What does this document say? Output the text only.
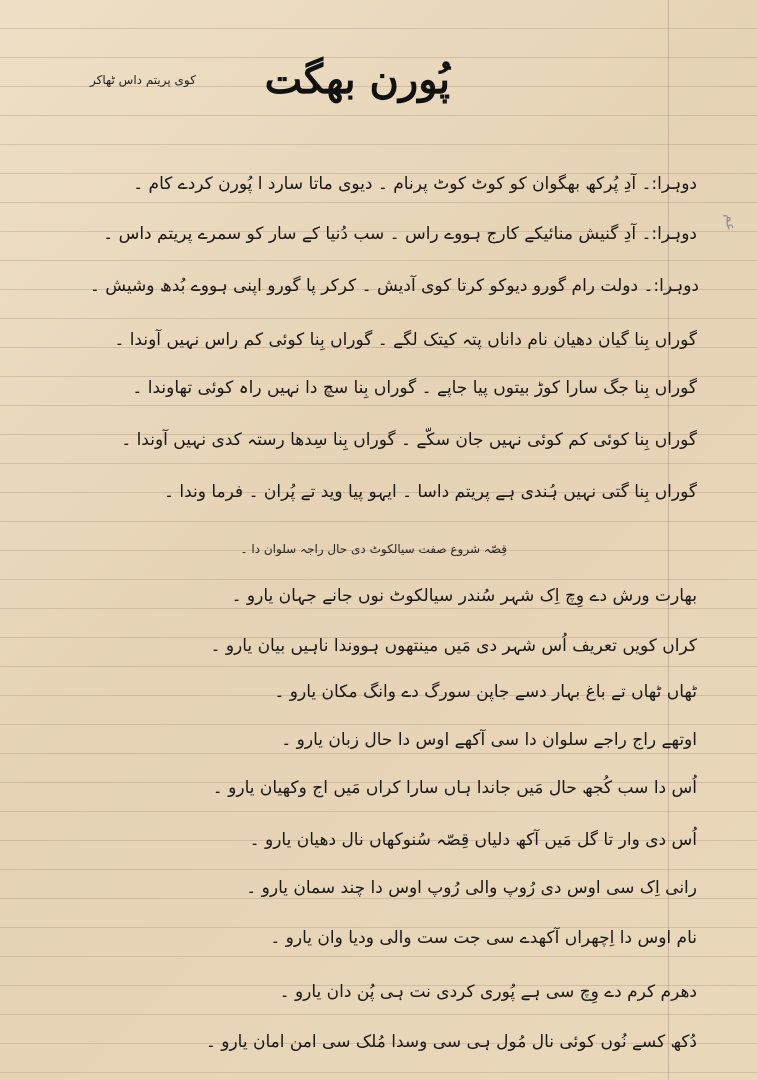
پُورن بھگت
کوی پریتم داس ٹھاکر
عم
دوہرا:۔ آدِ پُرکھ بھگوان کو کوٹ کوٹ پرنام ۔ دیوی ماتا سارد ا پُورن کردے کام ۔
دوہرا:۔ آدِ گنیش منائیکے کارج ہووے راس ۔ سب دُنیا کے سار کو سمرے پریتم داس ۔
دوہرا:۔ دولت رام گورو دیوکو کرتا کوی آدیش ۔ کرکر پا گورو اپنی ہووے بُدھ وشیش ۔
گوراں بِنا گیان دھیان نام داناں پتہ کیتک لگے ۔ گوراں بِنا کوئی کم راس نہیں آوندا ۔
گوراں بِنا جگ سارا کوڑ بیتوں پیا جاپے ۔ گوراں بِنا سچ دا نہیں راہ کوئی تھاوندا ۔
گوراں بِنا کوئی کم کوئی نہیں جان سکّے ۔ گوراں بِنا سِدھا رستہ کدی نہیں آوندا ۔
گوراں بِنا گتی نہیں ہُندی ہے پریتم داسا ۔ ایہو پیا وید تے پُران ۔ فرما وندا ۔
قِصّہ شروع صفت سیالکوٹ دی حال راجہ سلوان دا ۔
بھارت ورش دے وِچ اِک شہر سُندر سیالکوٹ نوں جانے جہان یارو ۔
کراں کویں تعریف اُس شہر دی مَیں مینتھوں ہووندا ناہیں بیان یارو ۔
ٹھاں ٹھاں تے باغ بہار دسے جاپن سورگ دے وانگ مکان یارو ۔
اوتھے راج راجے سلوان دا سی آکھے اوس دا حال زبان یارو ۔
اُس دا سب کُجھ حال مَیں جاندا ہاں سارا کراں مَیں اج وکھیان یارو ۔
اُس دی وار تا گل مَیں آکھ دلیاں قِصّہ سُنوکھاں نال دھیان یارو ۔
رانی اِک سی اوس دی رُوپ والی رُوپ اوس دا چند سمان یارو ۔
نام اوس دا اِچھراں آکھدے سی جت ست والی ودیا وان یارو ۔
دھرم کرم دے وِچ سی ہے پُوری کردی نت ہی پُن دان یارو ۔
دُکھ کسے نُوں کوئی نال مُول ہی سی وسدا مُلک سی امن امان یارو ۔
